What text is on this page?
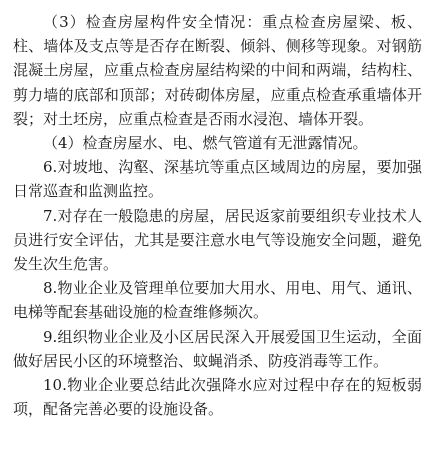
（3）检查房屋构件安全情况：重点检查房屋梁、板、柱、墙体及支点等是否存在断裂、倾斜、侧移等现象。对钢筋混凝土房屋，应重点检查房屋结构梁的中间和两端，结构柱、剪力墙的底部和顶部；对砖砌体房屋，应重点检查承重墙体开裂；对土坯房，应重点检查是否雨水浸泡、墙体开裂。

（4）检查房屋水、电、燃气管道有无泄露情况。

6.对坡地、沟壑、深基坑等重点区域周边的房屋，要加强日常巡查和监测监控。

7.对存在一般隐患的房屋，居民返家前要组织专业技术人员进行安全评估，尤其是要注意水电气等设施安全问题，避免发生次生危害。

8.物业企业及管理单位要加大用水、用电、用气、通讯、电梯等配套基础设施的检查维修频次。

9.组织物业企业及小区居民深入开展爱国卫生运动，全面做好居民小区的环境整治、蚊蝇消杀、防疫消毒等工作。

10.物业企业要总结此次强降水应对过程中存在的短板弱项，配备完善必要的设施设备。
